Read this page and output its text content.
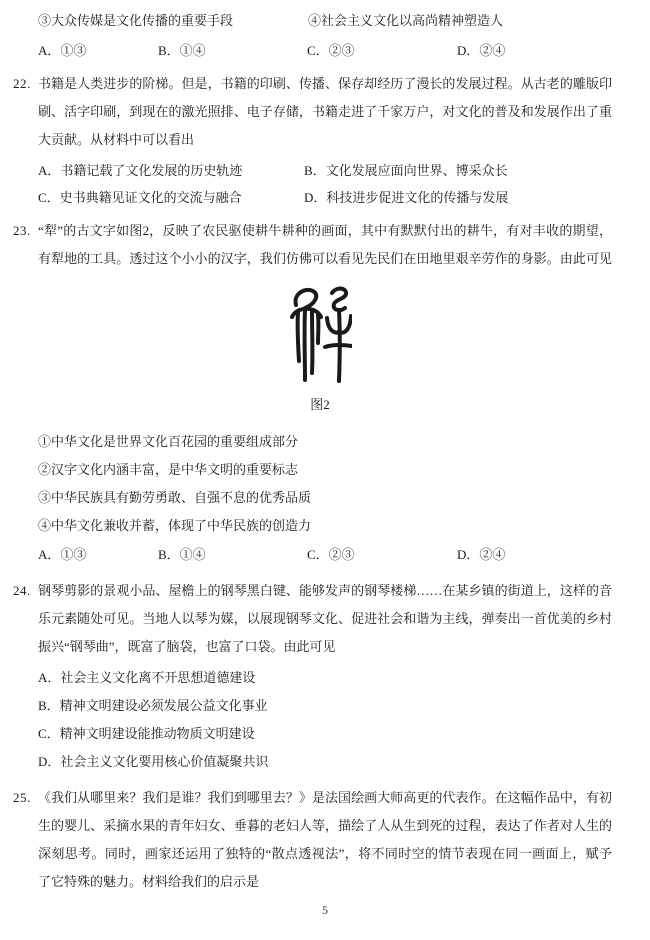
③大众传媒是文化传播的重要手段	④社会主义文化以高尚精神塑造人
A．①③	B．①④	C．②③	D．②④
22. 书籍是人类进步的阶梯。但是，书籍的印刷、传播、保存却经历了漫长的发展过程。从古老的雕版印
刷、活字印刷，到现在的激光照排、电子存储，书籍走进了千家万户，对文化的普及和发展作出了重
大贡献。从材料中可以看出
A．书籍记载了文化发展的历史轨迹	B．文化发展应面向世界、博采众长
C．史书典籍见证文化的交流与融合	D．科技进步促进文化的传播与发展
23. “犁”的古文字如图2，反映了农民驱使耕牛耕种的画面，其中有默默付出的耕牛，有对丰收的期望，
有犁地的工具。透过这个小小的汉字，我们仿佛可以看见先民们在田地里艰辛劳作的身影。由此可见
图2
①中华文化是世界文化百花园的重要组成部分
②汉字文化内涵丰富，是中华文明的重要标志
③中华民族具有勤劳勇敢、自强不息的优秀品质
④中华文化兼收并蓄，体现了中华民族的创造力
A．①③	B．①④	C．②③	D．②④
24. 钢琴剪影的景观小品、屋檐上的钢琴黑白键、能够发声的钢琴楼梯……在某乡镇的街道上，这样的音
乐元素随处可见。当地人以琴为媒，以展现钢琴文化、促进社会和谐为主线，弹奏出一首优美的乡村
振兴“钢琴曲”，既富了脑袋，也富了口袋。由此可见
A．社会主义文化离不开思想道德建设
B．精神文明建设必须发展公益文化事业
C．精神文明建设能推动物质文明建设
D．社会主义文化要用核心价值凝聚共识
25. 《我们从哪里来？我们是谁？我们到哪里去？》是法国绘画大师高更的代表作。在这幅作品中，有初
生的婴儿、采摘水果的青年妇女、垂暮的老妇人等，描绘了人从生到死的过程，表达了作者对人生的
深刻思考。同时，画家还运用了独特的“散点透视法”，将不同时空的情节表现在同一画面上，赋予
了它特殊的魅力。材料给我们的启示是
5
